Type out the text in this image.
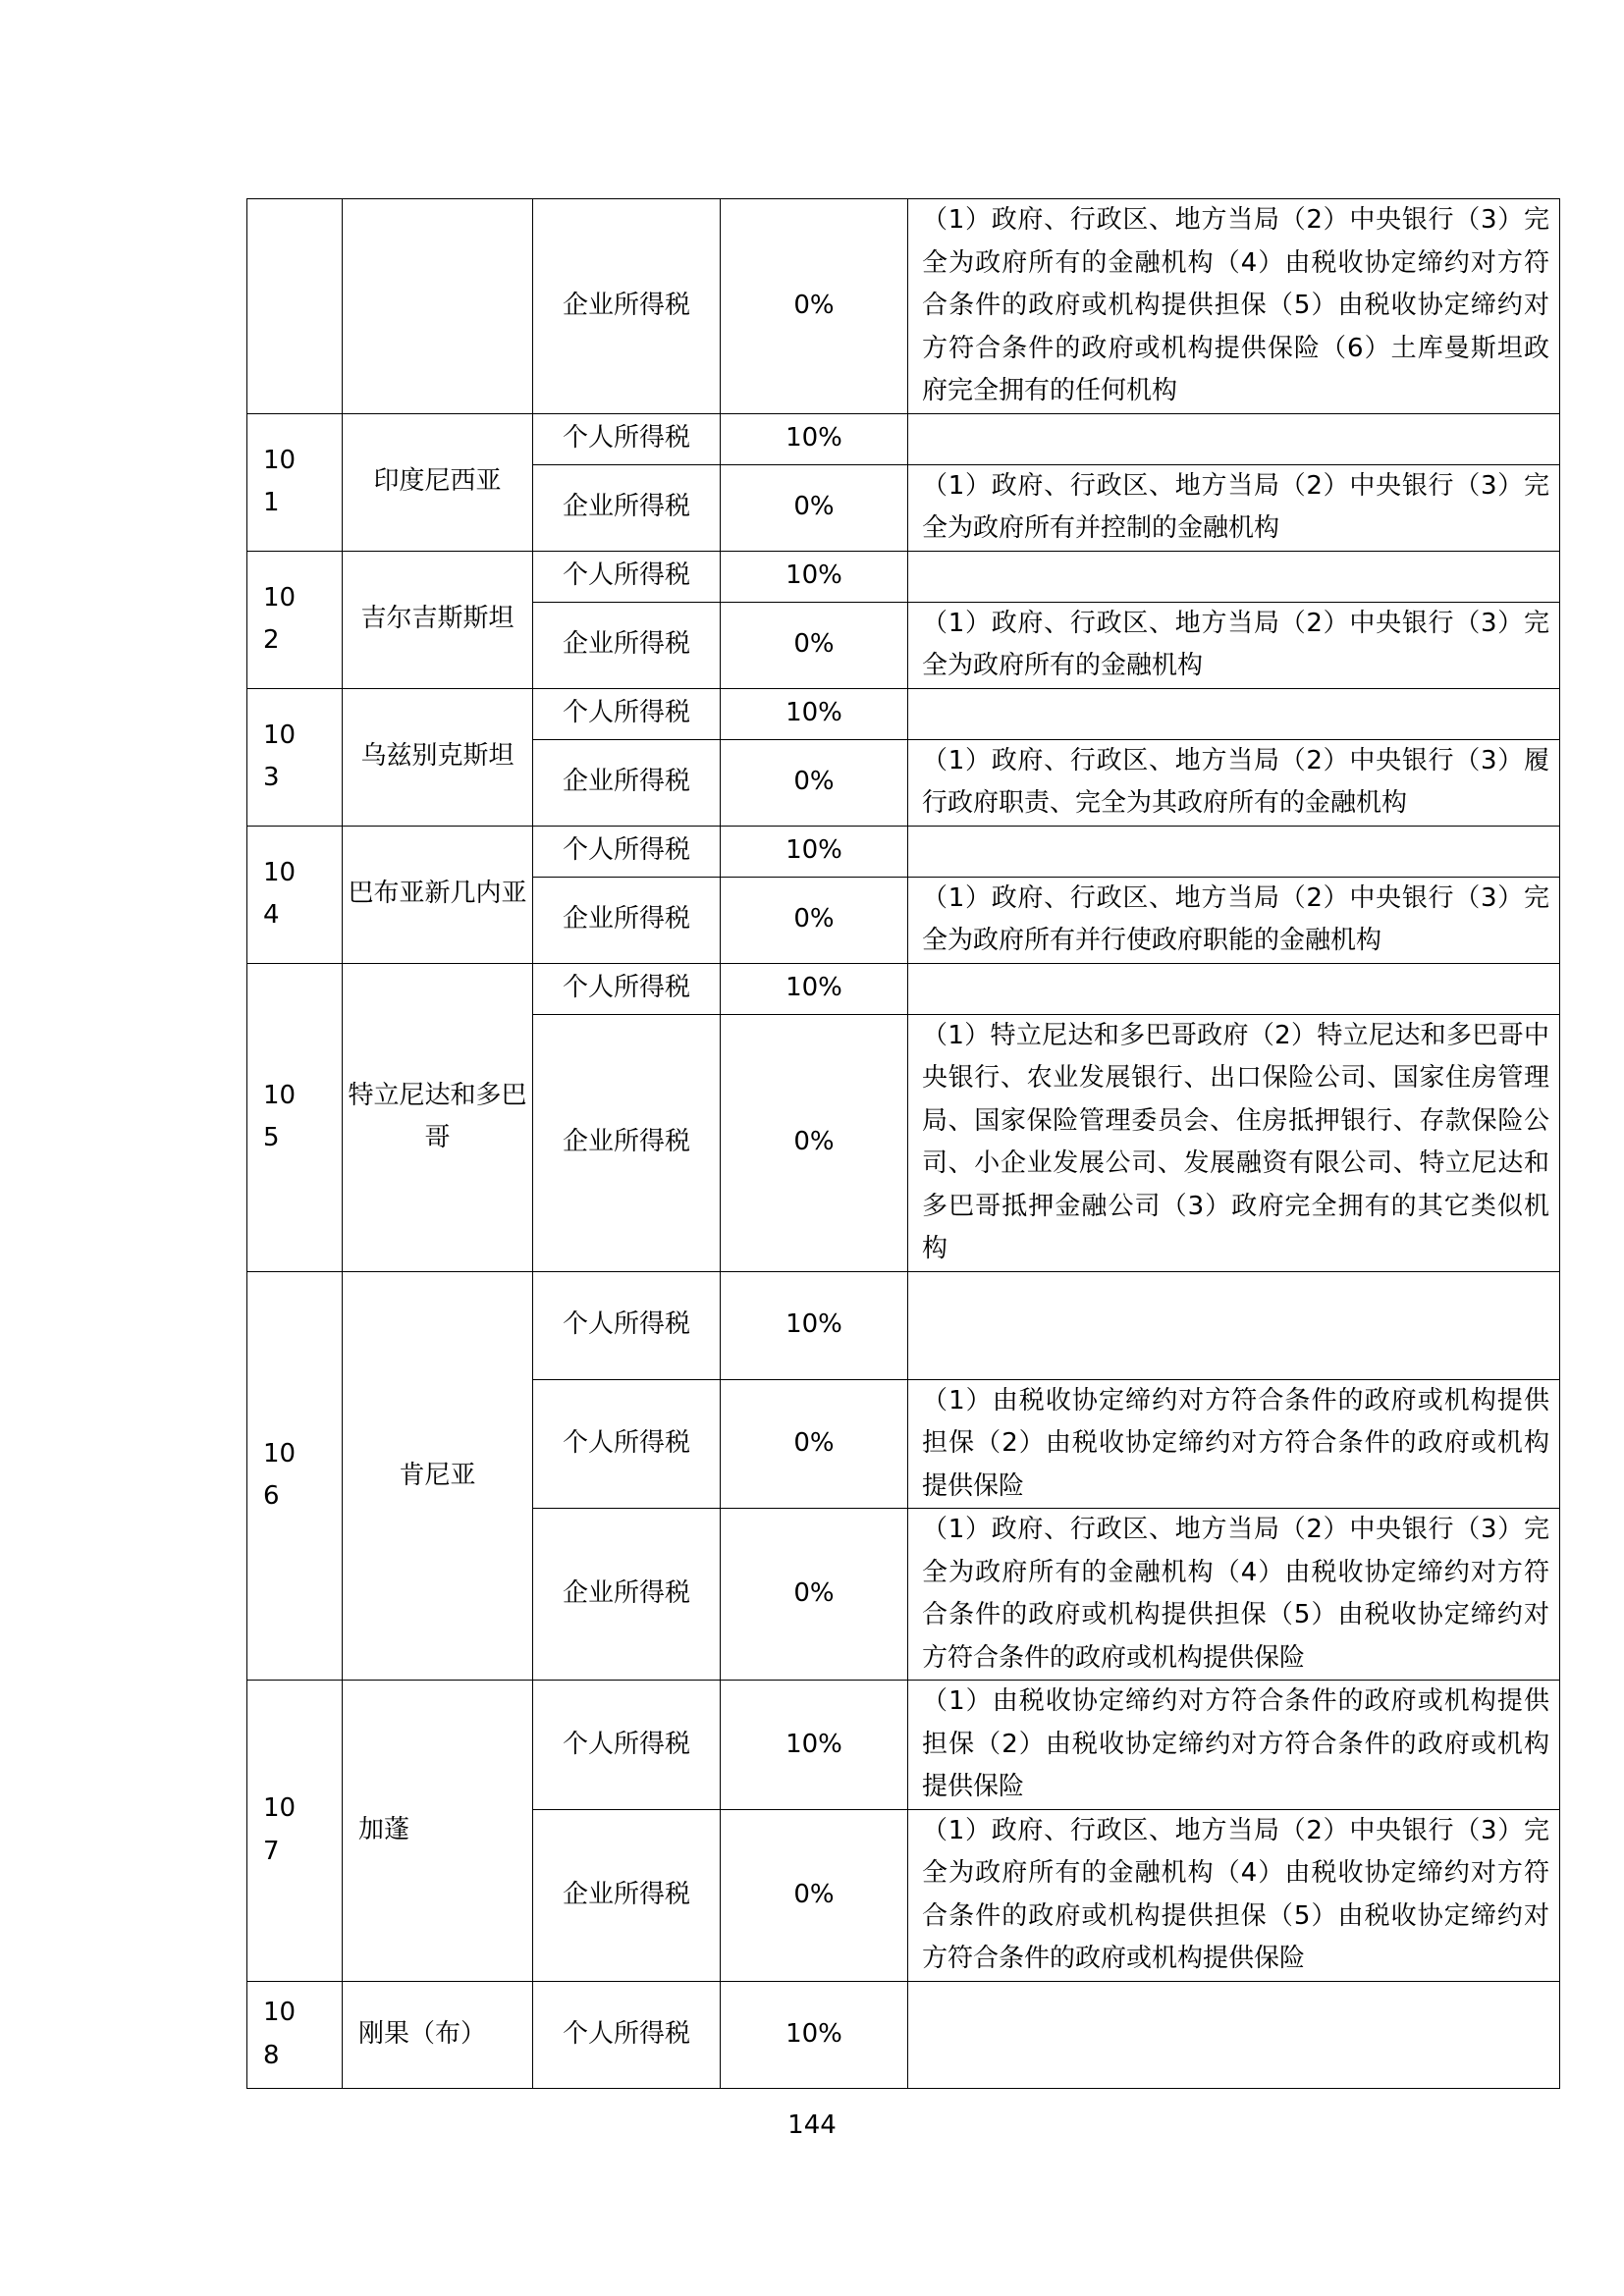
		企业所得税	0%	（1）政府、行政区、地方当局（2）中央银行（3）完全为政府所有的金融机构（4）由税收协定缔约对方符合条件的政府或机构提供担保（5）由税收协定缔约对方符合条件的政府或机构提供保险（6）土库曼斯坦政府完全拥有的任何机构
101	印度尼西亚	个人所得税	10%	
		企业所得税	0%	（1）政府、行政区、地方当局（2）中央银行（3）完全为政府所有并控制的金融机构
102	吉尔吉斯斯坦	个人所得税	10%	
		企业所得税	0%	（1）政府、行政区、地方当局（2）中央银行（3）完全为政府所有的金融机构
103	乌兹别克斯坦	个人所得税	10%	
		企业所得税	0%	（1）政府、行政区、地方当局（2）中央银行（3）履行政府职责、完全为其政府所有的金融机构
104	巴布亚新几内亚	个人所得税	10%	
		企业所得税	0%	（1）政府、行政区、地方当局（2）中央银行（3）完全为政府所有并行使政府职能的金融机构
105	特立尼达和多巴哥	个人所得税	10%	
		企业所得税	0%	（1）特立尼达和多巴哥政府（2）特立尼达和多巴哥中央银行、农业发展银行、出口保险公司、国家住房管理局、国家保险管理委员会、住房抵押银行、存款保险公司、小企业发展公司、发展融资有限公司、特立尼达和多巴哥抵押金融公司（3）政府完全拥有的其它类似机构
106	肯尼亚	个人所得税	10%	
		个人所得税	0%	（1）由税收协定缔约对方符合条件的政府或机构提供担保（2）由税收协定缔约对方符合条件的政府或机构提供保险
		企业所得税	0%	（1）政府、行政区、地方当局（2）中央银行（3）完全为政府所有的金融机构（4）由税收协定缔约对方符合条件的政府或机构提供担保（5）由税收协定缔约对方符合条件的政府或机构提供保险
107	加蓬	个人所得税	10%	（1）由税收协定缔约对方符合条件的政府或机构提供担保（2）由税收协定缔约对方符合条件的政府或机构提供保险
		企业所得税	0%	（1）政府、行政区、地方当局（2）中央银行（3）完全为政府所有的金融机构（4）由税收协定缔约对方符合条件的政府或机构提供担保（5）由税收协定缔约对方符合条件的政府或机构提供保险
108	刚果（布）	个人所得税	10%	
144
